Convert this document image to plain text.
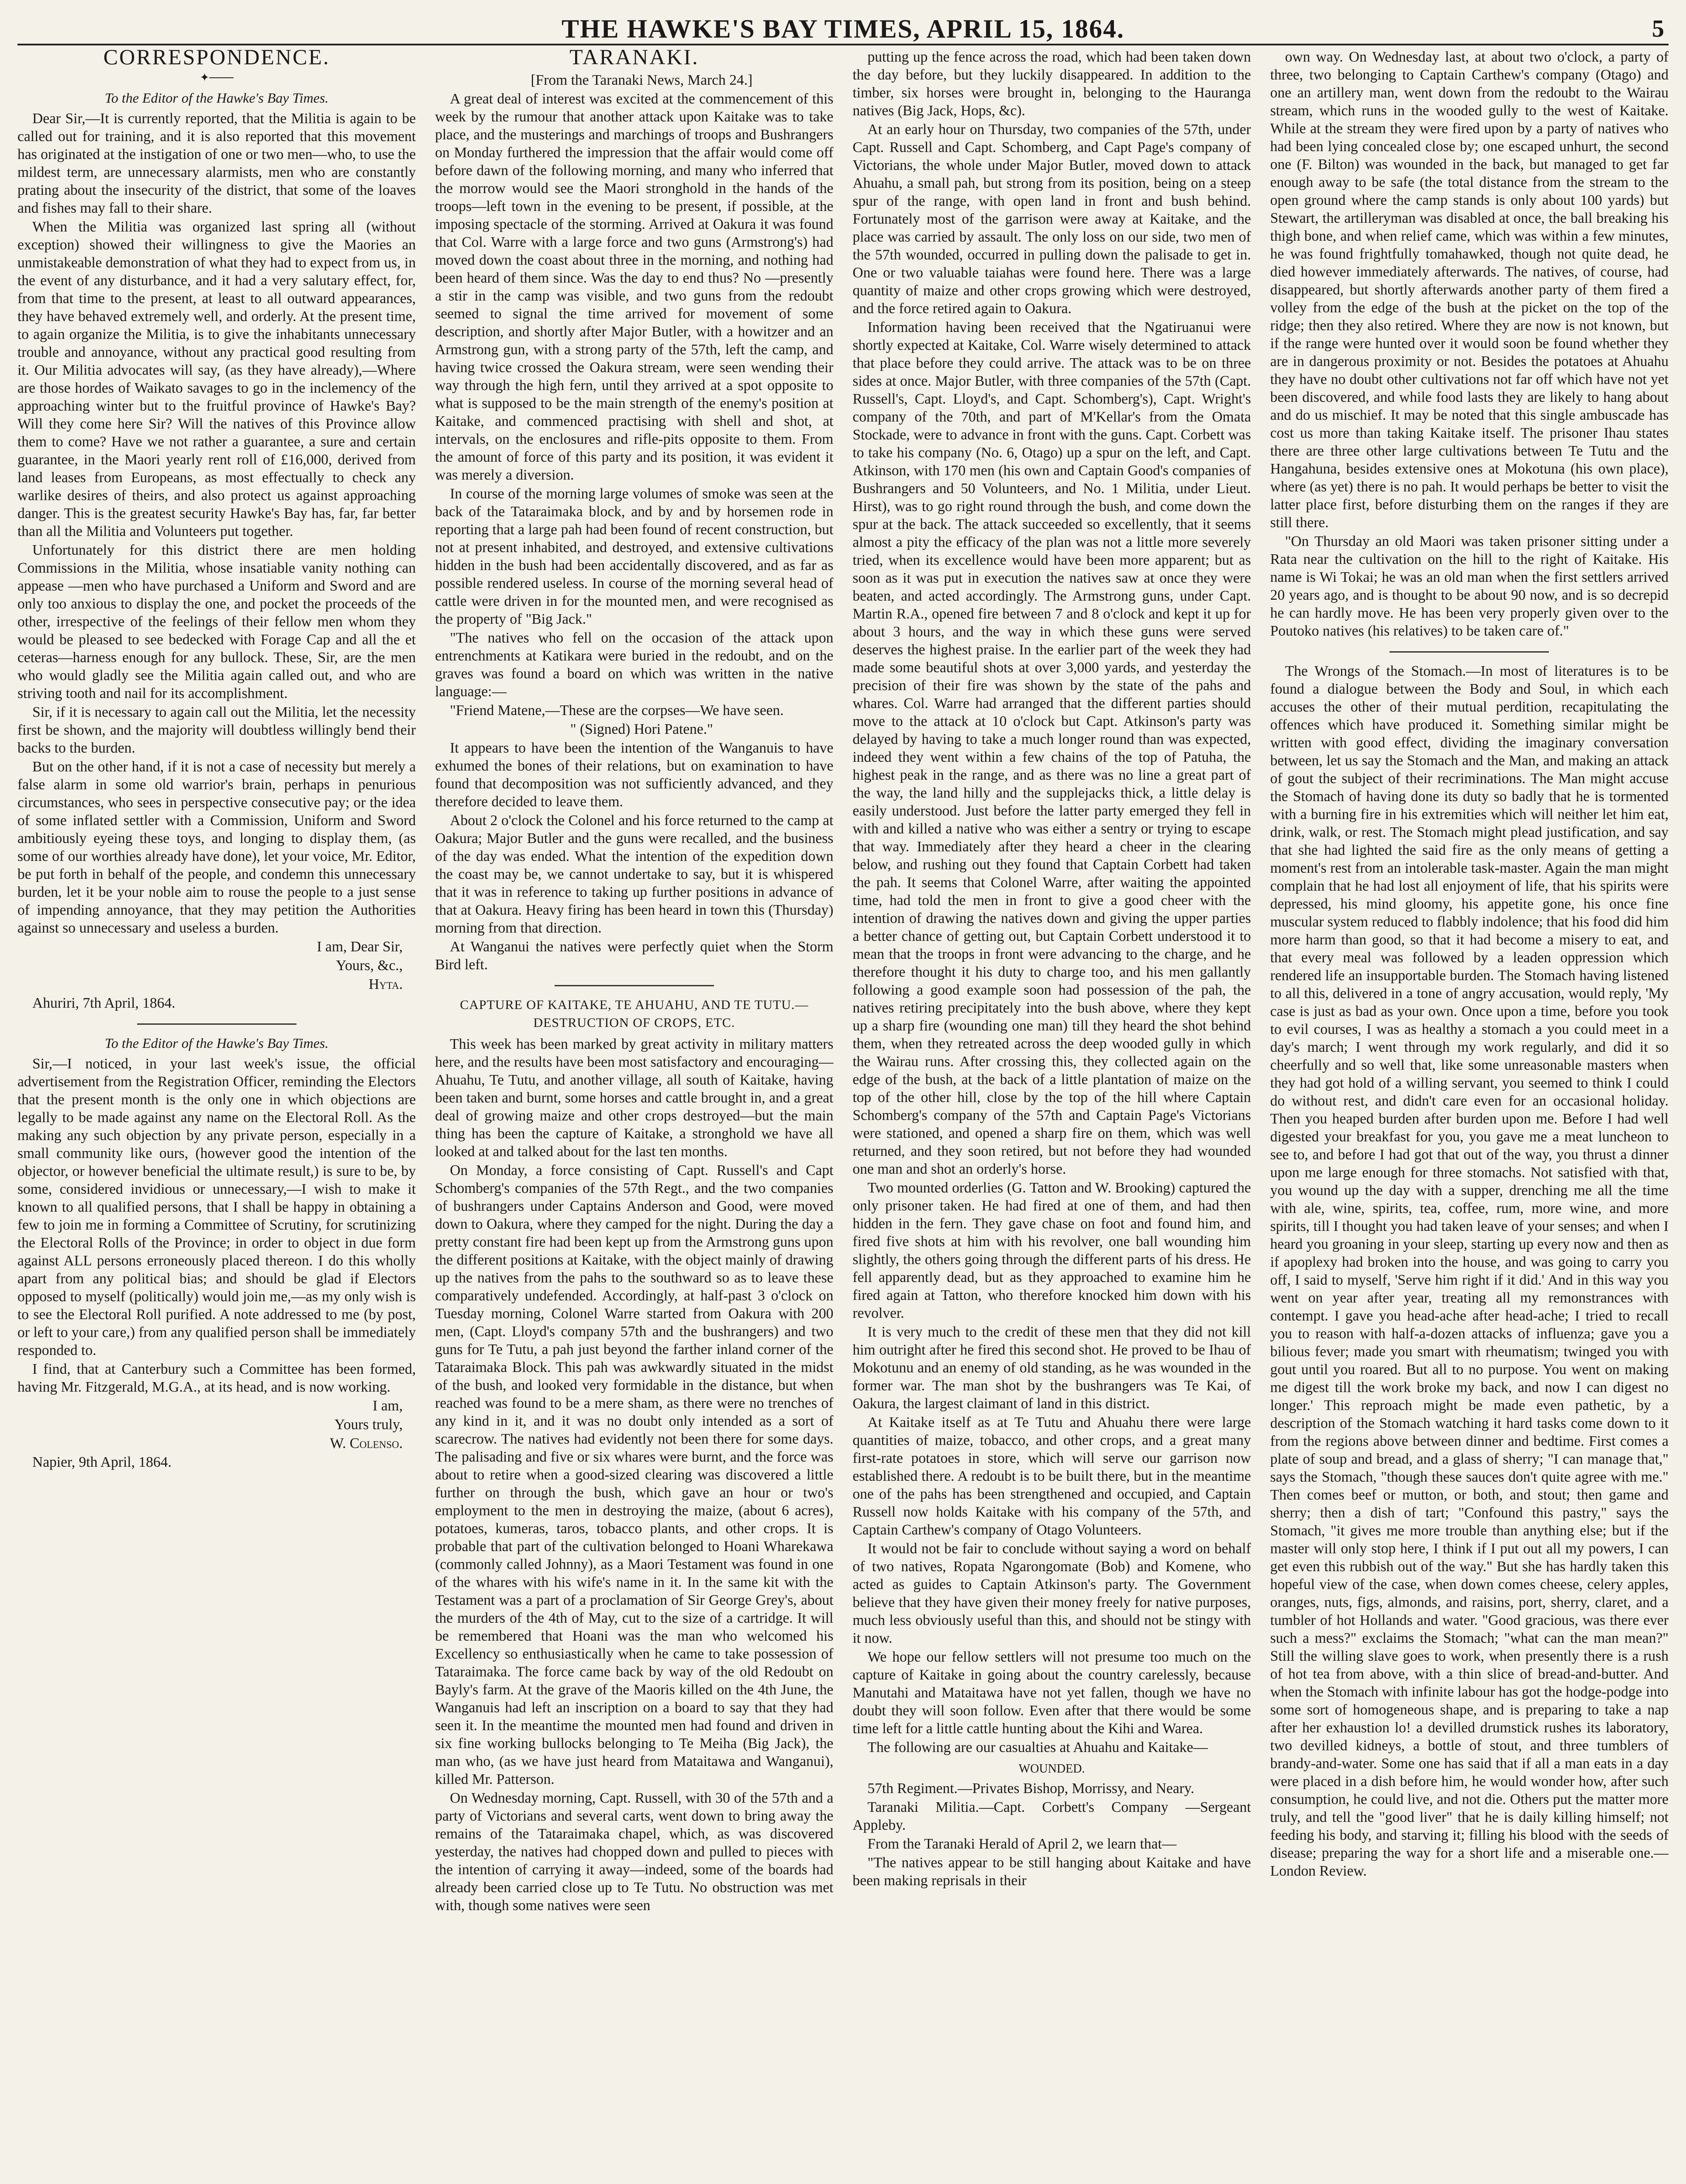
THE HAWKE'S BAY TIMES, APRIL 15, 1864.	5
CORRESPONDENCE.
✦───
To the Editor of the Hawke's Bay Times.

Dear Sir,—It is currently reported, that the Militia is again to be called out for training, and it is also reported that this movement has originated at the instigation of one or two men—who, to use the mildest term, are unnecessary alarmists, men who are constantly prating about the insecurity of the district, that some of the loaves and fishes may fall to their share.

When the Militia was organized last spring all (without exception) showed their willingness to give the Maories an unmistakeable demonstration of what they had to expect from us, in the event of any disturbance, and it had a very salutary effect, for, from that time to the present, at least to all outward appearances, they have behaved extremely well, and orderly. At the present time, to again organize the Militia, is to give the inhabitants unnecessary trouble and annoyance, without any practical good resulting from it. Our Militia advocates will say, (as they have already),—Where are those hordes of Waikato savages to go in the inclemency of the approaching winter but to the fruitful province of Hawke's Bay? Will they come here Sir? Will the natives of this Province allow them to come? Have we not rather a guarantee, a sure and certain guarantee, in the Maori yearly rent roll of £16,000, derived from land leases from Europeans, as most effectually to check any warlike desires of theirs, and also protect us against approaching danger. This is the greatest security Hawke's Bay has, far, far better than all the Militia and Volunteers put together.

Unfortunately for this district there are men holding Commissions in the Militia, whose insatiable vanity nothing can appease —men who have purchased a Uniform and Sword and are only too anxious to display the one, and pocket the proceeds of the other, irrespective of the feelings of their fellow men whom they would be pleased to see bedecked with Forage Cap and all the et ceteras—harness enough for any bullock. These, Sir, are the men who would gladly see the Militia again called out, and who are striving tooth and nail for its accomplishment.

Sir, if it is necessary to again call out the Militia, let the necessity first be shown, and the majority will doubtless willingly bend their backs to the burden.

But on the other hand, if it is not a case of necessity but merely a false alarm in some old warrior's brain, perhaps in penurious circumstances, who sees in perspective consecutive pay; or the idea of some inflated settler with a Commission, Uniform and Sword ambitiously eyeing these toys, and longing to display them, (as some of our worthies already have done), let your voice, Mr. Editor, be put forth in behalf of the people, and condemn this unnecessary burden, let it be your noble aim to rouse the people to a just sense of impending annoyance, that they may petition the Authorities against so unnecessary and useless a burden.

I am, Dear Sir,

Yours, &c.,

Hyta.

Ahuriri, 7th April, 1864.

To the Editor of the Hawke's Bay Times.

Sir,—I noticed, in your last week's issue, the official advertisement from the Registration Officer, reminding the Electors that the present month is the only one in which objections are legally to be made against any name on the Electoral Roll. As the making any such objection by any private person, especially in a small community like ours, (however good the intention of the objector, or however beneficial the ultimate result,) is sure to be, by some, considered invidious or unnecessary,—I wish to make it known to all qualified persons, that I shall be happy in obtaining a few to join me in forming a Committee of Scrutiny, for scrutinizing the Electoral Rolls of the Province; in order to object in due form against ALL persons erroneously placed thereon. I do this wholly apart from any political bias; and should be glad if Electors opposed to myself (politically) would join me,—as my only wish is to see the Electoral Roll purified. A note addressed to me (by post, or left to your care,) from any qualified person shall be immediately responded to.

I find, that at Canterbury such a Committee has been formed, having Mr. Fitzgerald, M.G.A., at its head, and is now working.

I am,

Yours truly,

W. Colenso.

Napier, 9th April, 1864.

TARANAKI.

[From the Taranaki News, March 24.]

A great deal of interest was excited at the commencement of this week by the rumour that another attack upon Kaitake was to take place, and the musterings and marchings of troops and Bushrangers on Monday furthered the impression that the affair would come off before dawn of the following morning, and many who inferred that the morrow would see the Maori stronghold in the hands of the troops—left town in the evening to be present, if possible, at the imposing spectacle of the storming. Arrived at Oakura it was found that Col. Warre with a large force and two guns (Armstrong's) had moved down the coast about three in the morning, and nothing had been heard of them since. Was the day to end thus? No —presently a stir in the camp was visible, and two guns from the redoubt seemed to signal the time arrived for movement of some description, and shortly after Major Butler, with a howitzer and an Armstrong gun, with a strong party of the 57th, left the camp, and having twice crossed the Oakura stream, were seen wending their way through the high fern, until they arrived at a spot opposite to what is supposed to be the main strength of the enemy's position at Kaitake, and commenced practising with shell and shot, at intervals, on the enclosures and rifle-pits opposite to them. From the amount of force of this party and its position, it was evident it was merely a diversion.

In course of the morning large volumes of smoke was seen at the back of the Tataraimaka block, and by and by horsemen rode in reporting that a large pah had been found of recent construction, but not at present inhabited, and destroyed, and extensive cultivations hidden in the bush had been accidentally discovered, and as far as possible rendered useless. In course of the morning several head of cattle were driven in for the mounted men, and were recognised as the property of "Big Jack."

"The natives who fell on the occasion of the attack upon entrenchments at Katikara were buried in the redoubt, and on the graves was found a board on which was written in the native language:—

"Friend Matene,—These are the corpses—We have seen.

" (Signed) Hori Patene."

It appears to have been the intention of the Wanganuis to have exhumed the bones of their relations, but on examination to have found that decomposition was not sufficiently advanced, and they therefore decided to leave them.

About 2 o'clock the Colonel and his force returned to the camp at Oakura; Major Butler and the guns were recalled, and the business of the day was ended. What the intention of the expedition down the coast may be, we cannot undertake to say, but it is whispered that it was in reference to taking up further positions in advance of that at Oakura. Heavy firing has been heard in town this (Thursday) morning from that direction.

At Wanganui the natives were perfectly quiet when the Storm Bird left.

CAPTURE OF KAITAKE, TE AHUAHU, AND TE TUTU.—DESTRUCTION OF CROPS, ETC.

This week has been marked by great activity in military matters here, and the results have been most satisfactory and encouraging—Ahuahu, Te Tutu, and another village, all south of Kaitake, having been taken and burnt, some horses and cattle brought in, and a great deal of growing maize and other crops destroyed—but the main thing has been the capture of Kaitake, a stronghold we have all looked at and talked about for the last ten months.

On Monday, a force consisting of Capt. Russell's and Capt Schomberg's companies of the 57th Regt., and the two companies of bushrangers under Captains Anderson and Good, were moved down to Oakura, where they camped for the night. During the day a pretty constant fire had been kept up from the Armstrong guns upon the different positions at Kaitake, with the object mainly of drawing up the natives from the pahs to the southward so as to leave these comparatively undefended. Accordingly, at half-past 3 o'clock on Tuesday morning, Colonel Warre started from Oakura with 200 men, (Capt. Lloyd's company 57th and the bushrangers) and two guns for Te Tutu, a pah just beyond the farther inland corner of the Tataraimaka Block. This pah was awkwardly situated in the midst of the bush, and looked very formidable in the distance, but when reached was found to be a mere sham, as there were no trenches of any kind in it, and it was no doubt only intended as a sort of scarecrow. The natives had evidently not been there for some days. The palisading and five or six whares were burnt, and the force was about to retire when a good-sized clearing was discovered a little further on through the bush, which gave an hour or two's employment to the men in destroying the maize, (about 6 acres), potatoes, kumeras, taros, tobacco plants, and other crops. It is probable that part of the cultivation belonged to Hoani Wharekawa (commonly called Johnny), as a Maori Testament was found in one of the whares with his wife's name in it. In the same kit with the Testament was a part of a proclamation of Sir George Grey's, about the murders of the 4th of May, cut to the size of a cartridge. It will be remembered that Hoani was the man who welcomed his Excellency so enthusiastically when he came to take possession of Tataraimaka. The force came back by way of the old Redoubt on Bayly's farm. At the grave of the Maoris killed on the 4th June, the Wanganuis had left an inscription on a board to say that they had seen it. In the meantime the mounted men had found and driven in six fine working bullocks belonging to Te Meiha (Big Jack), the man who, (as we have just heard from Mataitawa and Wanganui), killed Mr. Patterson.

On Wednesday morning, Capt. Russell, with 30 of the 57th and a party of Victorians and several carts, went down to bring away the remains of the Tataraimaka chapel, which, as was discovered yesterday, the natives had chopped down and pulled to pieces with the intention of carrying it away—indeed, some of the boards had already been carried close up to Te Tutu. No obstruction was met with, though some natives were seen

putting up the fence across the road, which had been taken down the day before, but they luckily disappeared. In addition to the timber, six horses were brought in, belonging to the Hauranga natives (Big Jack, Hops, &c).

At an early hour on Thursday, two companies of the 57th, under Capt. Russell and Capt. Schomberg, and Capt Page's company of Victorians, the whole under Major Butler, moved down to attack Ahuahu, a small pah, but strong from its position, being on a steep spur of the range, with open land in front and bush behind. Fortunately most of the garrison were away at Kaitake, and the place was carried by assault. The only loss on our side, two men of the 57th wounded, occurred in pulling down the palisade to get in. One or two valuable taiahas were found here. There was a large quantity of maize and other crops growing which were destroyed, and the force retired again to Oakura.

Information having been received that the Ngatiruanui were shortly expected at Kaitake, Col. Warre wisely determined to attack that place before they could arrive. The attack was to be on three sides at once. Major Butler, with three companies of the 57th (Capt. Russell's, Capt. Lloyd's, and Capt. Schomberg's), Capt. Wright's company of the 70th, and part of M'Kellar's from the Omata Stockade, were to advance in front with the guns. Capt. Corbett was to take his company (No. 6, Otago) up a spur on the left, and Capt. Atkinson, with 170 men (his own and Captain Good's companies of Bushrangers and 50 Volunteers, and No. 1 Militia, under Lieut. Hirst), was to go right round through the bush, and come down the spur at the back. The attack succeeded so excellently, that it seems almost a pity the efficacy of the plan was not a little more severely tried, when its excellence would have been more apparent; but as soon as it was put in execution the natives saw at once they were beaten, and acted accordingly. The Armstrong guns, under Capt. Martin R.A., opened fire between 7 and 8 o'clock and kept it up for about 3 hours, and the way in which these guns were served deserves the highest praise. In the earlier part of the week they had made some beautiful shots at over 3,000 yards, and yesterday the precision of their fire was shown by the state of the pahs and whares. Col. Warre had arranged that the different parties should move to the attack at 10 o'clock but Capt. Atkinson's party was delayed by having to take a much longer round than was expected, indeed they went within a few chains of the top of Patuha, the highest peak in the range, and as there was no line a great part of the way, the land hilly and the supplejacks thick, a little delay is easily understood. Just before the latter party emerged they fell in with and killed a native who was either a sentry or trying to escape that way. Immediately after they heard a cheer in the clearing below, and rushing out they found that Captain Corbett had taken the pah. It seems that Colonel Warre, after waiting the appointed time, had told the men in front to give a good cheer with the intention of drawing the natives down and giving the upper parties a better chance of getting out, but Captain Corbett understood it to mean that the troops in front were advancing to the charge, and he therefore thought it his duty to charge too, and his men gallantly following a good example soon had possession of the pah, the natives retiring precipitately into the bush above, where they kept up a sharp fire (wounding one man) till they heard the shot behind them, when they retreated across the deep wooded gully in which the Wairau runs. After crossing this, they collected again on the edge of the bush, at the back of a little plantation of maize on the top of the other hill, close by the top of the hill where Captain Schomberg's company of the 57th and Captain Page's Victorians were stationed, and opened a sharp fire on them, which was well returned, and they soon retired, but not before they had wounded one man and shot an orderly's horse.

Two mounted orderlies (G. Tatton and W. Brooking) captured the only prisoner taken. He had fired at one of them, and had then hidden in the fern. They gave chase on foot and found him, and fired five shots at him with his revolver, one ball wounding him slightly, the others going through the different parts of his dress. He fell apparently dead, but as they approached to examine him he fired again at Tatton, who therefore knocked him down with his revolver.

It is very much to the credit of these men that they did not kill him outright after he fired this second shot. He proved to be Ihau of Mokotunu and an enemy of old standing, as he was wounded in the former war. The man shot by the bushrangers was Te Kai, of Oakura, the largest claimant of land in this district.

At Kaitake itself as at Te Tutu and Ahuahu there were large quantities of maize, tobacco, and other crops, and a great many first-rate potatoes in store, which will serve our garrison now established there. A redoubt is to be built there, but in the meantime one of the pahs has been strengthened and occupied, and Captain Russell now holds Kaitake with his company of the 57th, and Captain Carthew's company of Otago Volunteers.

It would not be fair to conclude without saying a word on behalf of two natives, Ropata Ngarongomate (Bob) and Komene, who acted as guides to Captain Atkinson's party. The Government believe that they have given their money freely for native purposes, much less obviously useful than this, and should not be stingy with it now.

We hope our fellow settlers will not presume too much on the capture of Kaitake in going about the country carelessly, because Manutahi and Mataitawa have not yet fallen, though we have no doubt they will soon follow. Even after that there would be some time left for a little cattle hunting about the Kihi and Warea.

The following are our casualties at Ahuahu and Kaitake—

WOUNDED.

57th Regiment.—Privates Bishop, Morrissy, and Neary.

Taranaki Militia.—Capt. Corbett's Company —Sergeant Appleby.

From the Taranaki Herald of April 2, we learn that—

"The natives appear to be still hanging about Kaitake and have been making reprisals in their

own way. On Wednesday last, at about two o'clock, a party of three, two belonging to Captain Carthew's company (Otago) and one an artillery man, went down from the redoubt to the Wairau stream, which runs in the wooded gully to the west of Kaitake. While at the stream they were fired upon by a party of natives who had been lying concealed close by; one escaped unhurt, the second one (F. Bilton) was wounded in the back, but managed to get far enough away to be safe (the total distance from the stream to the open ground where the camp stands is only about 100 yards) but Stewart, the artilleryman was disabled at once, the ball breaking his thigh bone, and when relief came, which was within a few minutes, he was found frightfully tomahawked, though not quite dead, he died however immediately afterwards. The natives, of course, had disappeared, but shortly afterwards another party of them fired a volley from the edge of the bush at the picket on the top of the ridge; then they also retired. Where they are now is not known, but if the range were hunted over it would soon be found whether they are in dangerous proximity or not. Besides the potatoes at Ahuahu they have no doubt other cultivations not far off which have not yet been discovered, and while food lasts they are likely to hang about and do us mischief. It may be noted that this single ambuscade has cost us more than taking Kaitake itself. The prisoner Ihau states there are three other large cultivations between Te Tutu and the Hangahuna, besides extensive ones at Mokotuna (his own place), where (as yet) there is no pah. It would perhaps be better to visit the latter place first, before disturbing them on the ranges if they are still there.

"On Thursday an old Maori was taken prisoner sitting under a Rata near the cultivation on the hill to the right of Kaitake. His name is Wi Tokai; he was an old man when the first settlers arrived 20 years ago, and is thought to be about 90 now, and is so decrepid he can hardly move. He has been very properly given over to the Poutoko natives (his relatives) to be taken care of."

The Wrongs of the Stomach.—In most of literatures is to be found a dialogue between the Body and Soul, in which each accuses the other of their mutual perdition, recapitulating the offences which have produced it. Something similar might be written with good effect, dividing the imaginary conversation between, let us say the Stomach and the Man, and making an attack of gout the subject of their recriminations. The Man might accuse the Stomach of having done its duty so badly that he is tormented with a burning fire in his extremities which will neither let him eat, drink, walk, or rest. The Stomach might plead justification, and say that she had lighted the said fire as the only means of getting a moment's rest from an intolerable task-master. Again the man might complain that he had lost all enjoyment of life, that his spirits were depressed, his mind gloomy, his appetite gone, his once fine muscular system reduced to flabbly indolence; that his food did him more harm than good, so that it had become a misery to eat, and that every meal was followed by a leaden oppression which rendered life an insupportable burden. The Stomach having listened to all this, delivered in a tone of angry accusation, would reply, 'My case is just as bad as your own. Once upon a time, before you took to evil courses, I was as healthy a stomach a you could meet in a day's march; I went through my work regularly, and did it so cheerfully and so well that, like some unreasonable masters when they had got hold of a willing servant, you seemed to think I could do without rest, and didn't care even for an occasional holiday. Then you heaped burden after burden upon me. Before I had well digested your breakfast for you, you gave me a meat luncheon to see to, and before I had got that out of the way, you thrust a dinner upon me large enough for three stomachs. Not satisfied with that, you wound up the day with a supper, drenching me all the time with ale, wine, spirits, tea, coffee, rum, more wine, and more spirits, till I thought you had taken leave of your senses; and when I heard you groaning in your sleep, starting up every now and then as if apoplexy had broken into the house, and was going to carry you off, I said to myself, 'Serve him right if it did.' And in this way you went on year after year, treating all my remonstrances with contempt. I gave you head-ache after head-ache; I tried to recall you to reason with half-a-dozen attacks of influenza; gave you a bilious fever; made you smart with rheumatism; twinged you with gout until you roared. But all to no purpose. You went on making me digest till the work broke my back, and now I can digest no longer.' This reproach might be made even pathetic, by a description of the Stomach watching it hard tasks come down to it from the regions above between dinner and bedtime. First comes a plate of soup and bread, and a glass of sherry; "I can manage that," says the Stomach, "though these sauces don't quite agree with me." Then comes beef or mutton, or both, and stout; then game and sherry; then a dish of tart; "Confound this pastry," says the Stomach, "it gives me more trouble than anything else; but if the master will only stop here, I think if I put out all my powers, I can get even this rubbish out of the way." But she has hardly taken this hopeful view of the case, when down comes cheese, celery apples, oranges, nuts, figs, almonds, and raisins, port, sherry, claret, and a tumbler of hot Hollands and water. "Good gracious, was there ever such a mess?" exclaims the Stomach; "what can the man mean?" Still the willing slave goes to work, when presently there is a rush of hot tea from above, with a thin slice of bread-and-butter. And when the Stomach with infinite labour has got the hodge-podge into some sort of homogeneous shape, and is preparing to take a nap after her exhaustion lo! a devilled drumstick rushes its laboratory, two devilled kidneys, a bottle of stout, and three tumblers of brandy-and-water. Some one has said that if all a man eats in a day were placed in a dish before him, he would wonder how, after such consumption, he could live, and not die. Others put the matter more truly, and tell the "good liver" that he is daily killing himself; not feeding his body, and starving it; filling his blood with the seeds of disease; preparing the way for a short life and a miserable one.—London Review.
